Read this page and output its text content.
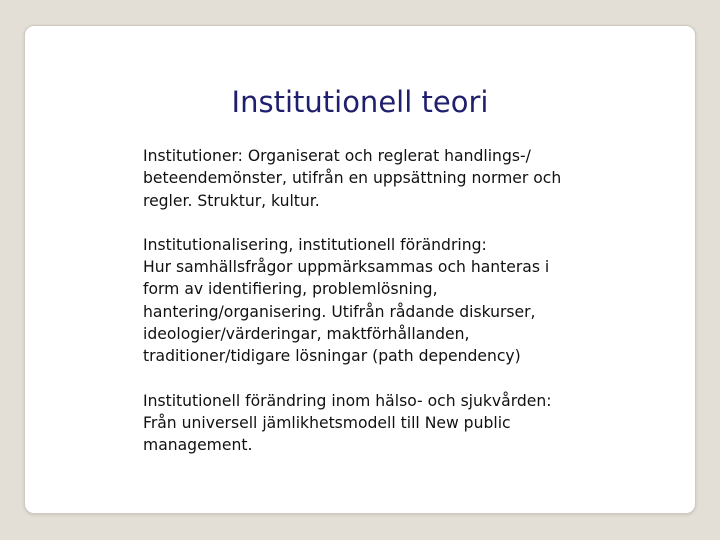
Institutionell teori

Institutioner: Organiserat och reglerat handlings-/
beteendemönster, utifrån en uppsättning normer och
regler. Struktur, kultur.

Institutionalisering, institutionell förändring:
Hur samhällsfrågor uppmärksammas och hanteras i
form av identifiering, problemlösning,
hantering/organisering. Utifrån rådande diskurser,
ideologier/värderingar, maktförhållanden,
traditioner/tidigare lösningar (path dependency)

Institutionell förändring inom hälso- och sjukvården:
Från universell jämlikhetsmodell till New public
management.
